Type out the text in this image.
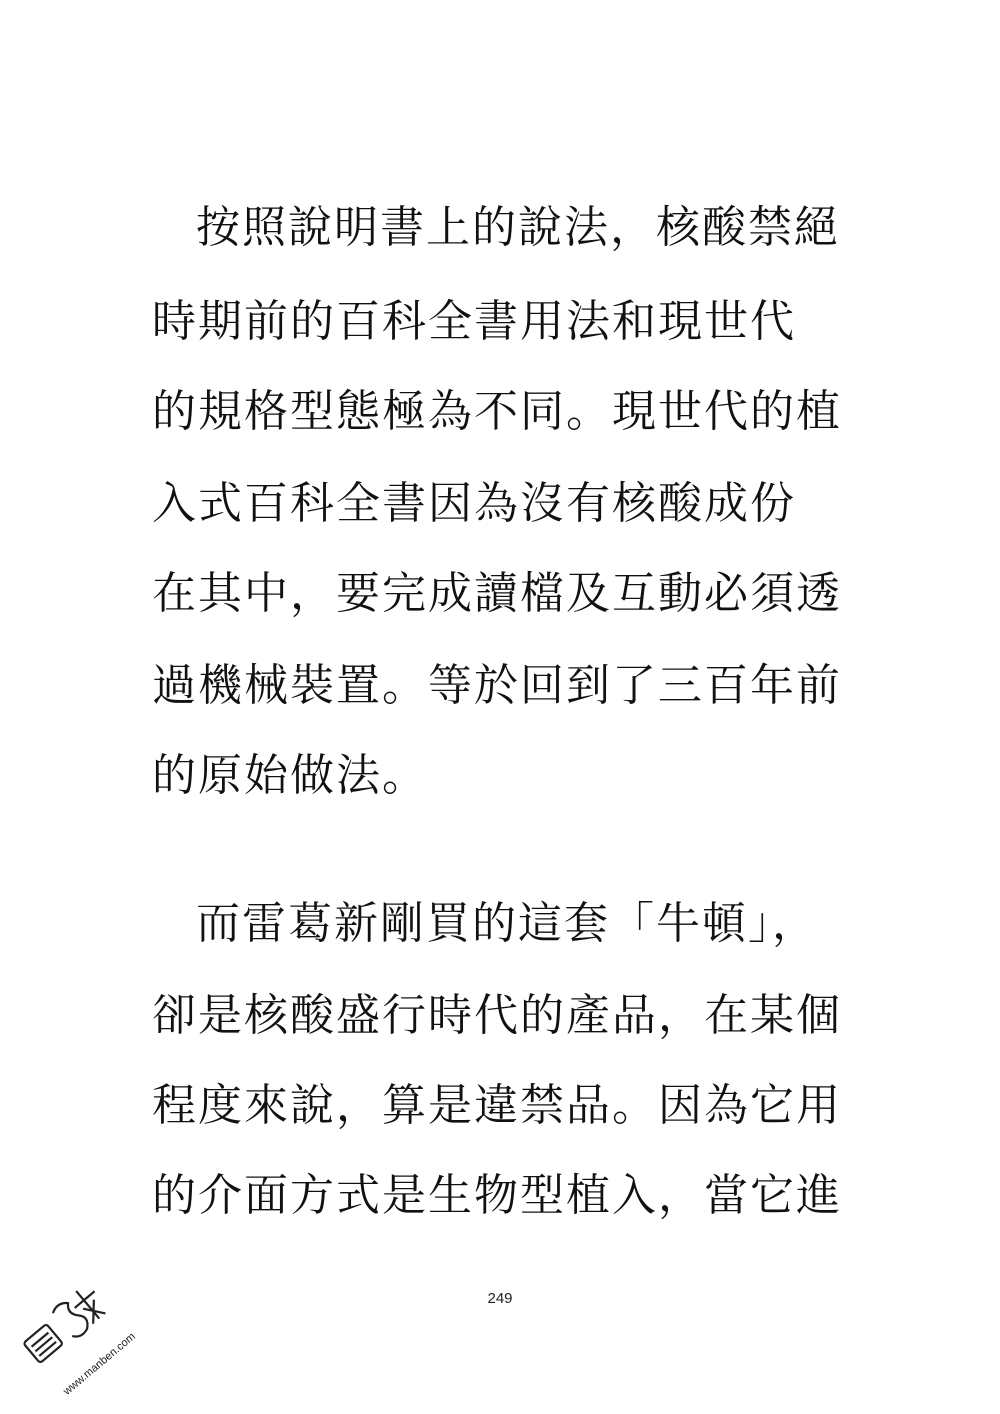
按照說明書上的說法，核酸禁絕
時期前的百科全書用法和現世代
的規格型態極為不同。現世代的植
入式百科全書因為沒有核酸成份
在其中，要完成讀檔及互動必須透
過機械裝置。等於回到了三百年前
的原始做法。
而雷葛新剛買的這套「牛頓」，
卻是核酸盛行時代的產品，在某個
程度來說，算是違禁品。因為它用
的介面方式是生物型植入，當它進
249
www.manben.com
